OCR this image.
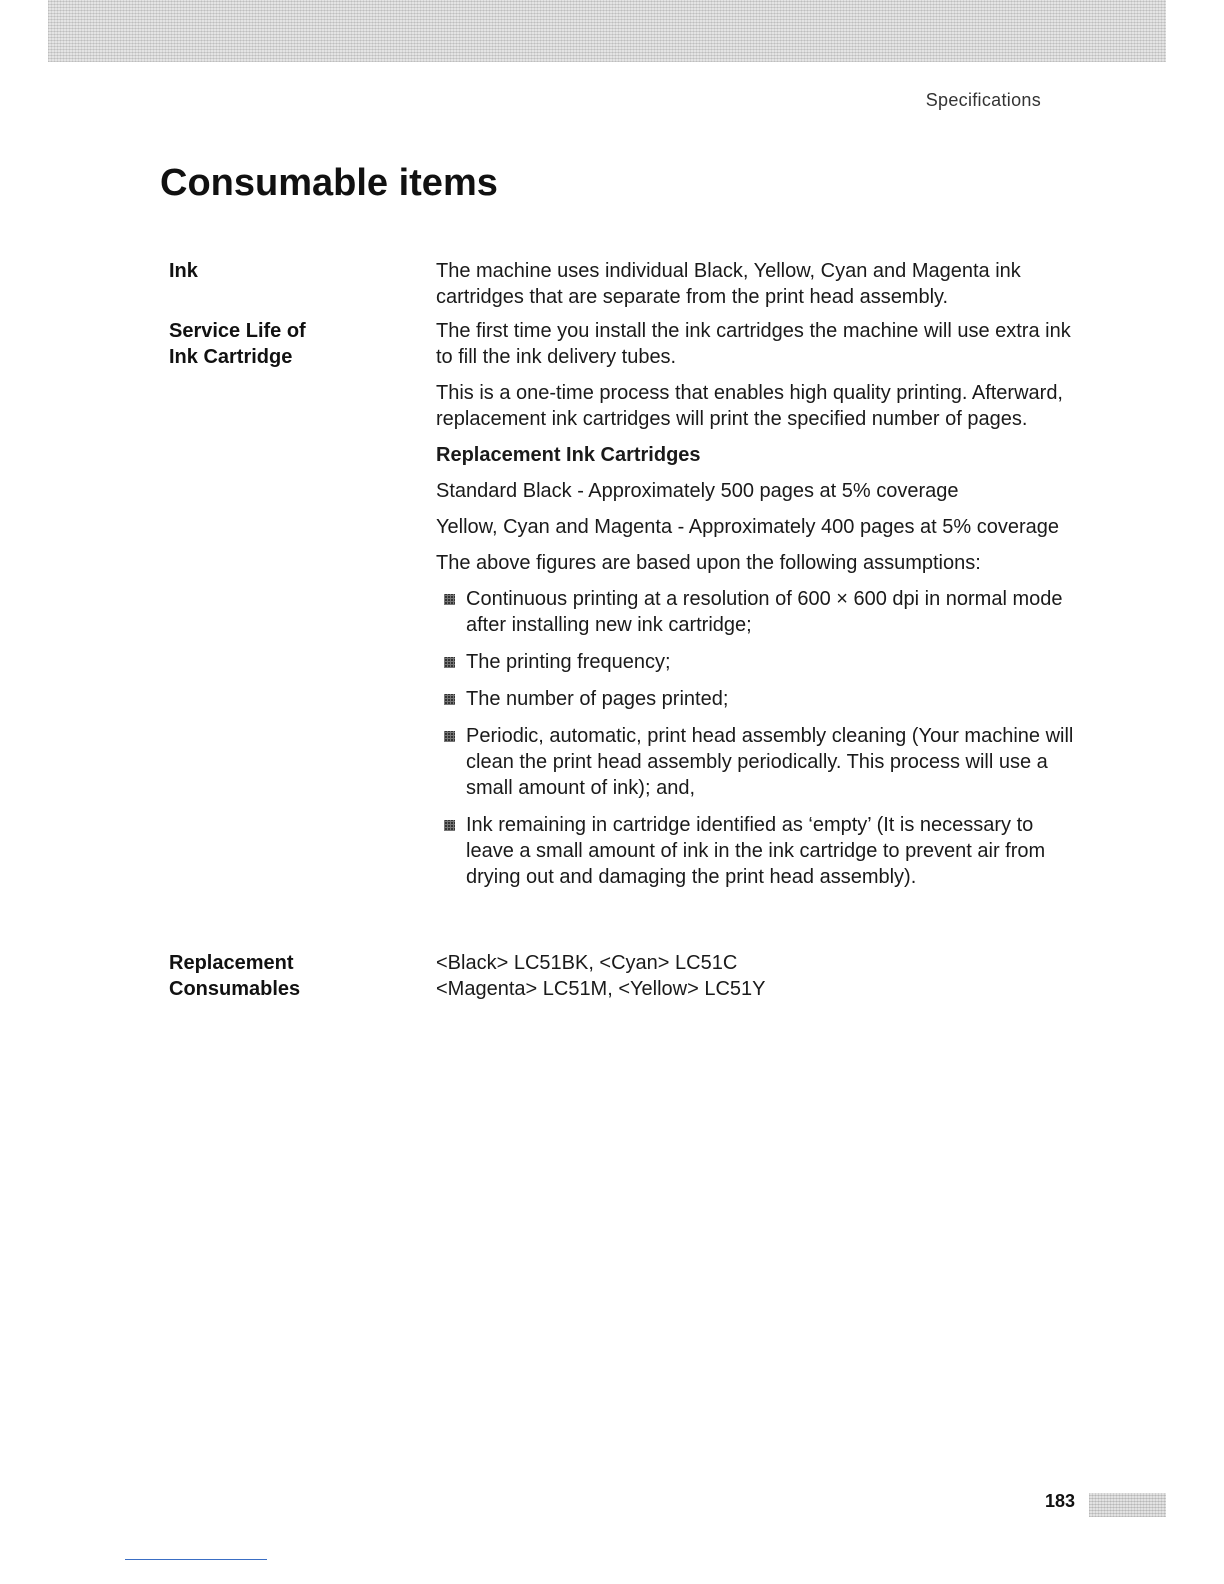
Specifications
Consumable items
Ink	The machine uses individual Black, Yellow, Cyan and Magenta ink cartridges that are separate from the print head assembly.

Service Life of
Ink Cartridge

The first time you install the ink cartridges the machine will use extra ink to fill the ink delivery tubes.

This is a one-time process that enables high quality printing. Afterward, replacement ink cartridges will print the specified number of pages.

Replacement Ink Cartridges

Standard Black - Approximately 500 pages at 5% coverage

Yellow, Cyan and Magenta - Approximately 400 pages at 5% coverage

The above figures are based upon the following assumptions:

Continuous printing at a resolution of 600 × 600 dpi in normal mode after installing new ink cartridge;
The printing frequency;
The number of pages printed;
Periodic, automatic, print head assembly cleaning (Your machine will clean the print head assembly periodically. This process will use a small amount of ink); and,
Ink remaining in cartridge identified as ‘empty’ (It is necessary to leave a small amount of ink in the ink cartridge to prevent air from drying out and damaging the print head assembly).
Replacement
Consumables
<Black> LC51BK, <Cyan> LC51C
<Magenta> LC51M, <Yellow> LC51Y
183
